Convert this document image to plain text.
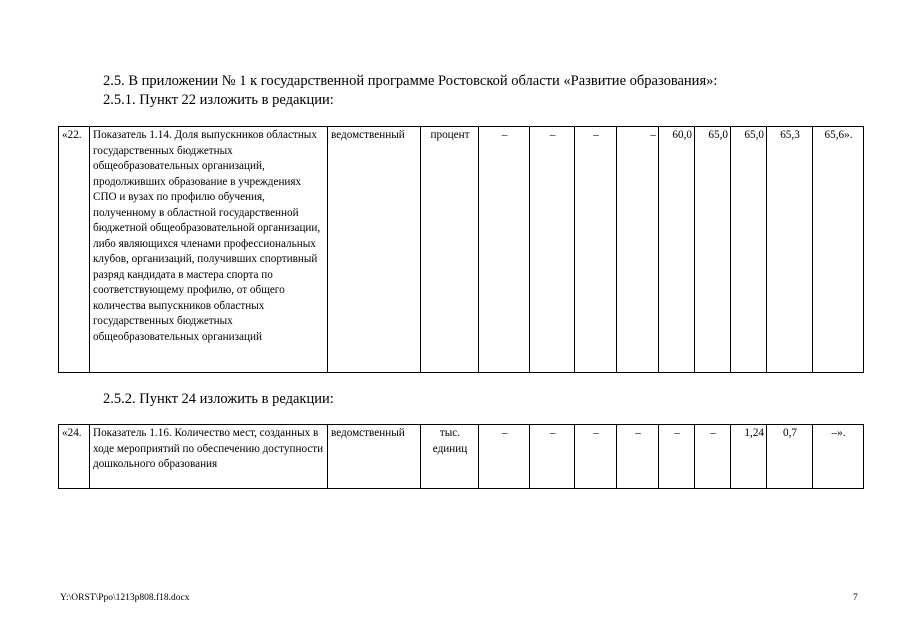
2.5. В приложении № 1 к государственной программе Ростовской области «Развитие образования»:
2.5.1. Пункт 22 изложить в редакции:
«22.	Показатель 1.14. Доля выпускников областных государственных бюджетных общеобразовательных организаций, продолживших образование в учреждениях СПО и вузах по профилю обучения, полученному в областной государственной бюджетной общеобразовательной организации, либо являющихся членами профессиональных клубов, организаций, получивших спортивный разряд кандидата в мастера спорта по соответствующему профилю, от общего количества выпускников областных государственных бюджетных общеобразовательных организаций	ведомственный	процент	–	–	–	–	60,0	65,0	65,0	65,3	65,6».
2.5.2. Пункт 24 изложить в редакции:
«24.	Показатель 1.16. Количество мест, созданных в ходе мероприятий по обеспечению доступности дошкольного образования	ведомственный	тыс. единиц	–	–	–	–	–	–	1,24	0,7	–».
Y:\ORST\Ppo\1213p808.f18.docx	7
